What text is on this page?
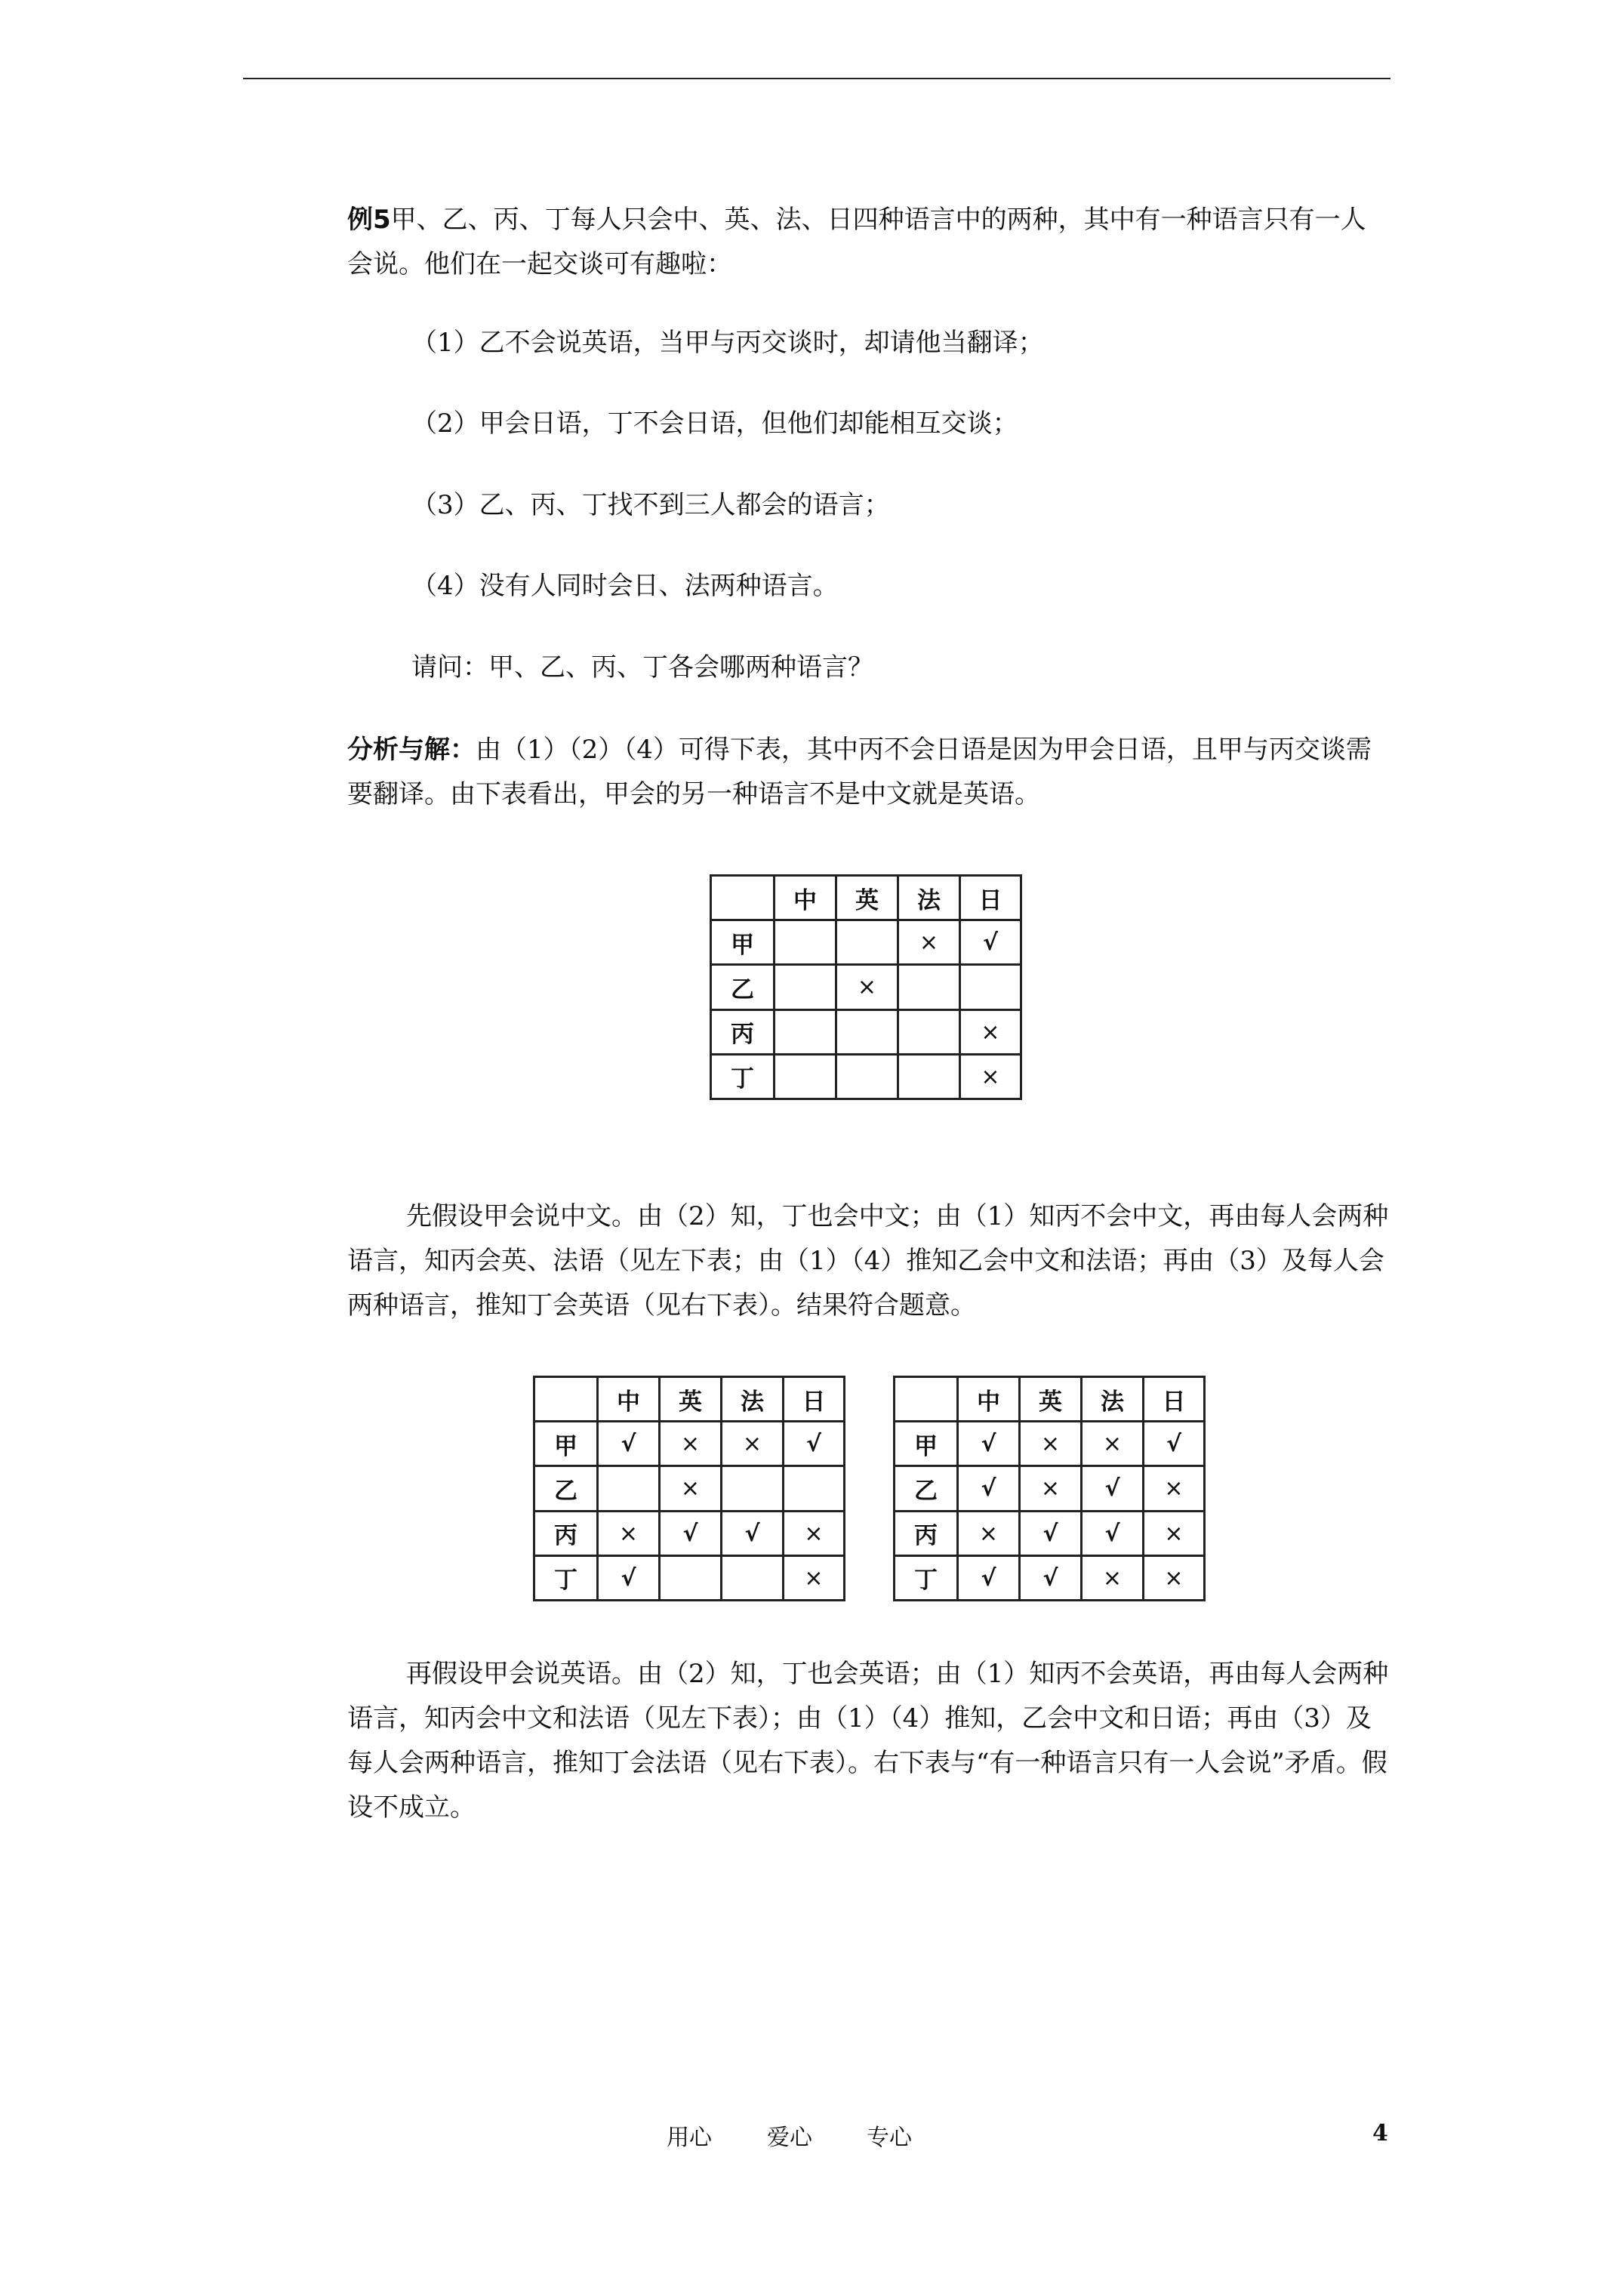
例5甲、乙、丙、丁每人只会中、英、法、日四种语言中的两种，其中有一种语言只有一人会说。他们在一起交谈可有趣啦：

（1）乙不会说英语，当甲与丙交谈时，却请他当翻译；

（2）甲会日语，丁不会日语，但他们却能相互交谈；

（3）乙、丙、丁找不到三人都会的语言；

（4）没有人同时会日、法两种语言。

请问：甲、乙、丙、丁各会哪两种语言？

分析与解：由（1）（2）（4）可得下表，其中丙不会日语是因为甲会日语，且甲与丙交谈需要翻译。由下表看出，甲会的另一种语言不是中文就是英语。

	中	英	法	日
甲			×	√
乙		×		
丙				×
丁				×

先假设甲会说中文。由（2）知，丁也会中文；由（1）知丙不会中文，再由每人会两种语言，知丙会英、法语（见左下表；由（1）（4）推知乙会中文和法语；再由（3）及每人会两种语言，推知丁会英语（见右下表）。结果符合题意。

	中	英	法	日
甲	√	×	×	√
乙		×		
丙	×	√	√	×
丁	√			×
	中	英	法	日
甲	√	×	×	√
乙	√	×	√	×
丙	×	√	√	×
丁	√	√	×	×

再假设甲会说英语。由（2）知，丁也会英语；由（1）知丙不会英语，再由每人会两种语言，知丙会中文和法语（见左下表）；由（1）（4）推知，乙会中文和日语；再由（3）及每人会两种语言，推知丁会法语（见右下表）。右下表与“有一种语言只有一人会说”矛盾。假设不成立。

用心 爱心 专心	4
